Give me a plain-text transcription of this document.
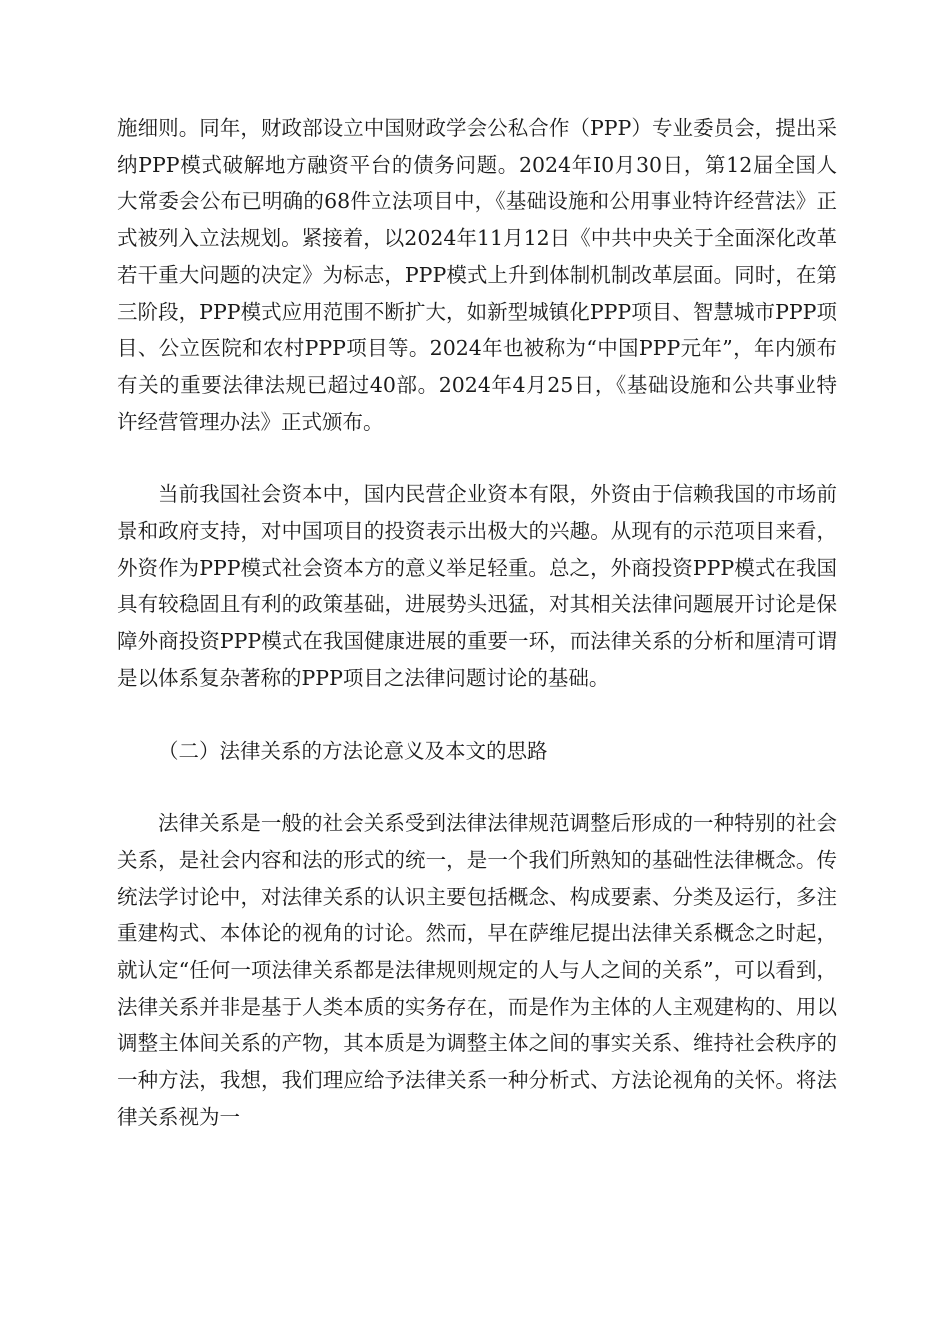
施细则。同年，财政部设立中国财政学会公私合作（PPP）专业委员会，提出采纳PPP模式破解地方融资平台的债务问题。2024年I0月30日，第12届全国人大常委会公布已明确的68件立法项目中，《基础设施和公用事业特许经营法》正式被列入立法规划。紧接着，以2024年11月12日《中共中央关于全面深化改革若干重大问题的决定》为标志，PPP模式上升到体制机制改革层面。同时，在第三阶段，PPP模式应用范围不断扩大，如新型城镇化PPP项目、智慧城市PPP项目、公立医院和农村PPP项目等。2024年也被称为“中国PPP元年”，年内颁布有关的重要法律法规已超过40部。2024年4月25日，《基础设施和公共事业特许经营管理办法》正式颁布。

当前我国社会资本中，国内民营企业资本有限，外资由于信赖我国的市场前景和政府支持，对中国项目的投资表示出极大的兴趣。从现有的示范项目来看，外资作为PPP模式社会资本方的意义举足轻重。总之，外商投资PPP模式在我国具有较稳固且有利的政策基础，进展势头迅猛，对其相关法律问题展开讨论是保障外商投资PPP模式在我国健康进展的重要一环，而法律关系的分析和厘清可谓是以体系复杂著称的PPP项目之法律问题讨论的基础。

（二）法律关系的方法论意义及本文的思路

法律关系是一般的社会关系受到法律法律规范调整后形成的一种特别的社会关系，是社会内容和法的形式的统一，是一个我们所熟知的基础性法律概念。传统法学讨论中，对法律关系的认识主要包括概念、构成要素、分类及运行，多注重建构式、本体论的视角的讨论。然而，早在萨维尼提出法律关系概念之时起，就认定“任何一项法律关系都是法律规则规定的人与人之间的关系”，可以看到，法律关系并非是基于人类本质的实务存在，而是作为主体的人主观建构的、用以调整主体间关系的产物，其本质是为调整主体之间的事实关系、维持社会秩序的一种方法，我想，我们理应给予法律关系一种分析式、方法论视角的关怀。将法律关系视为一
